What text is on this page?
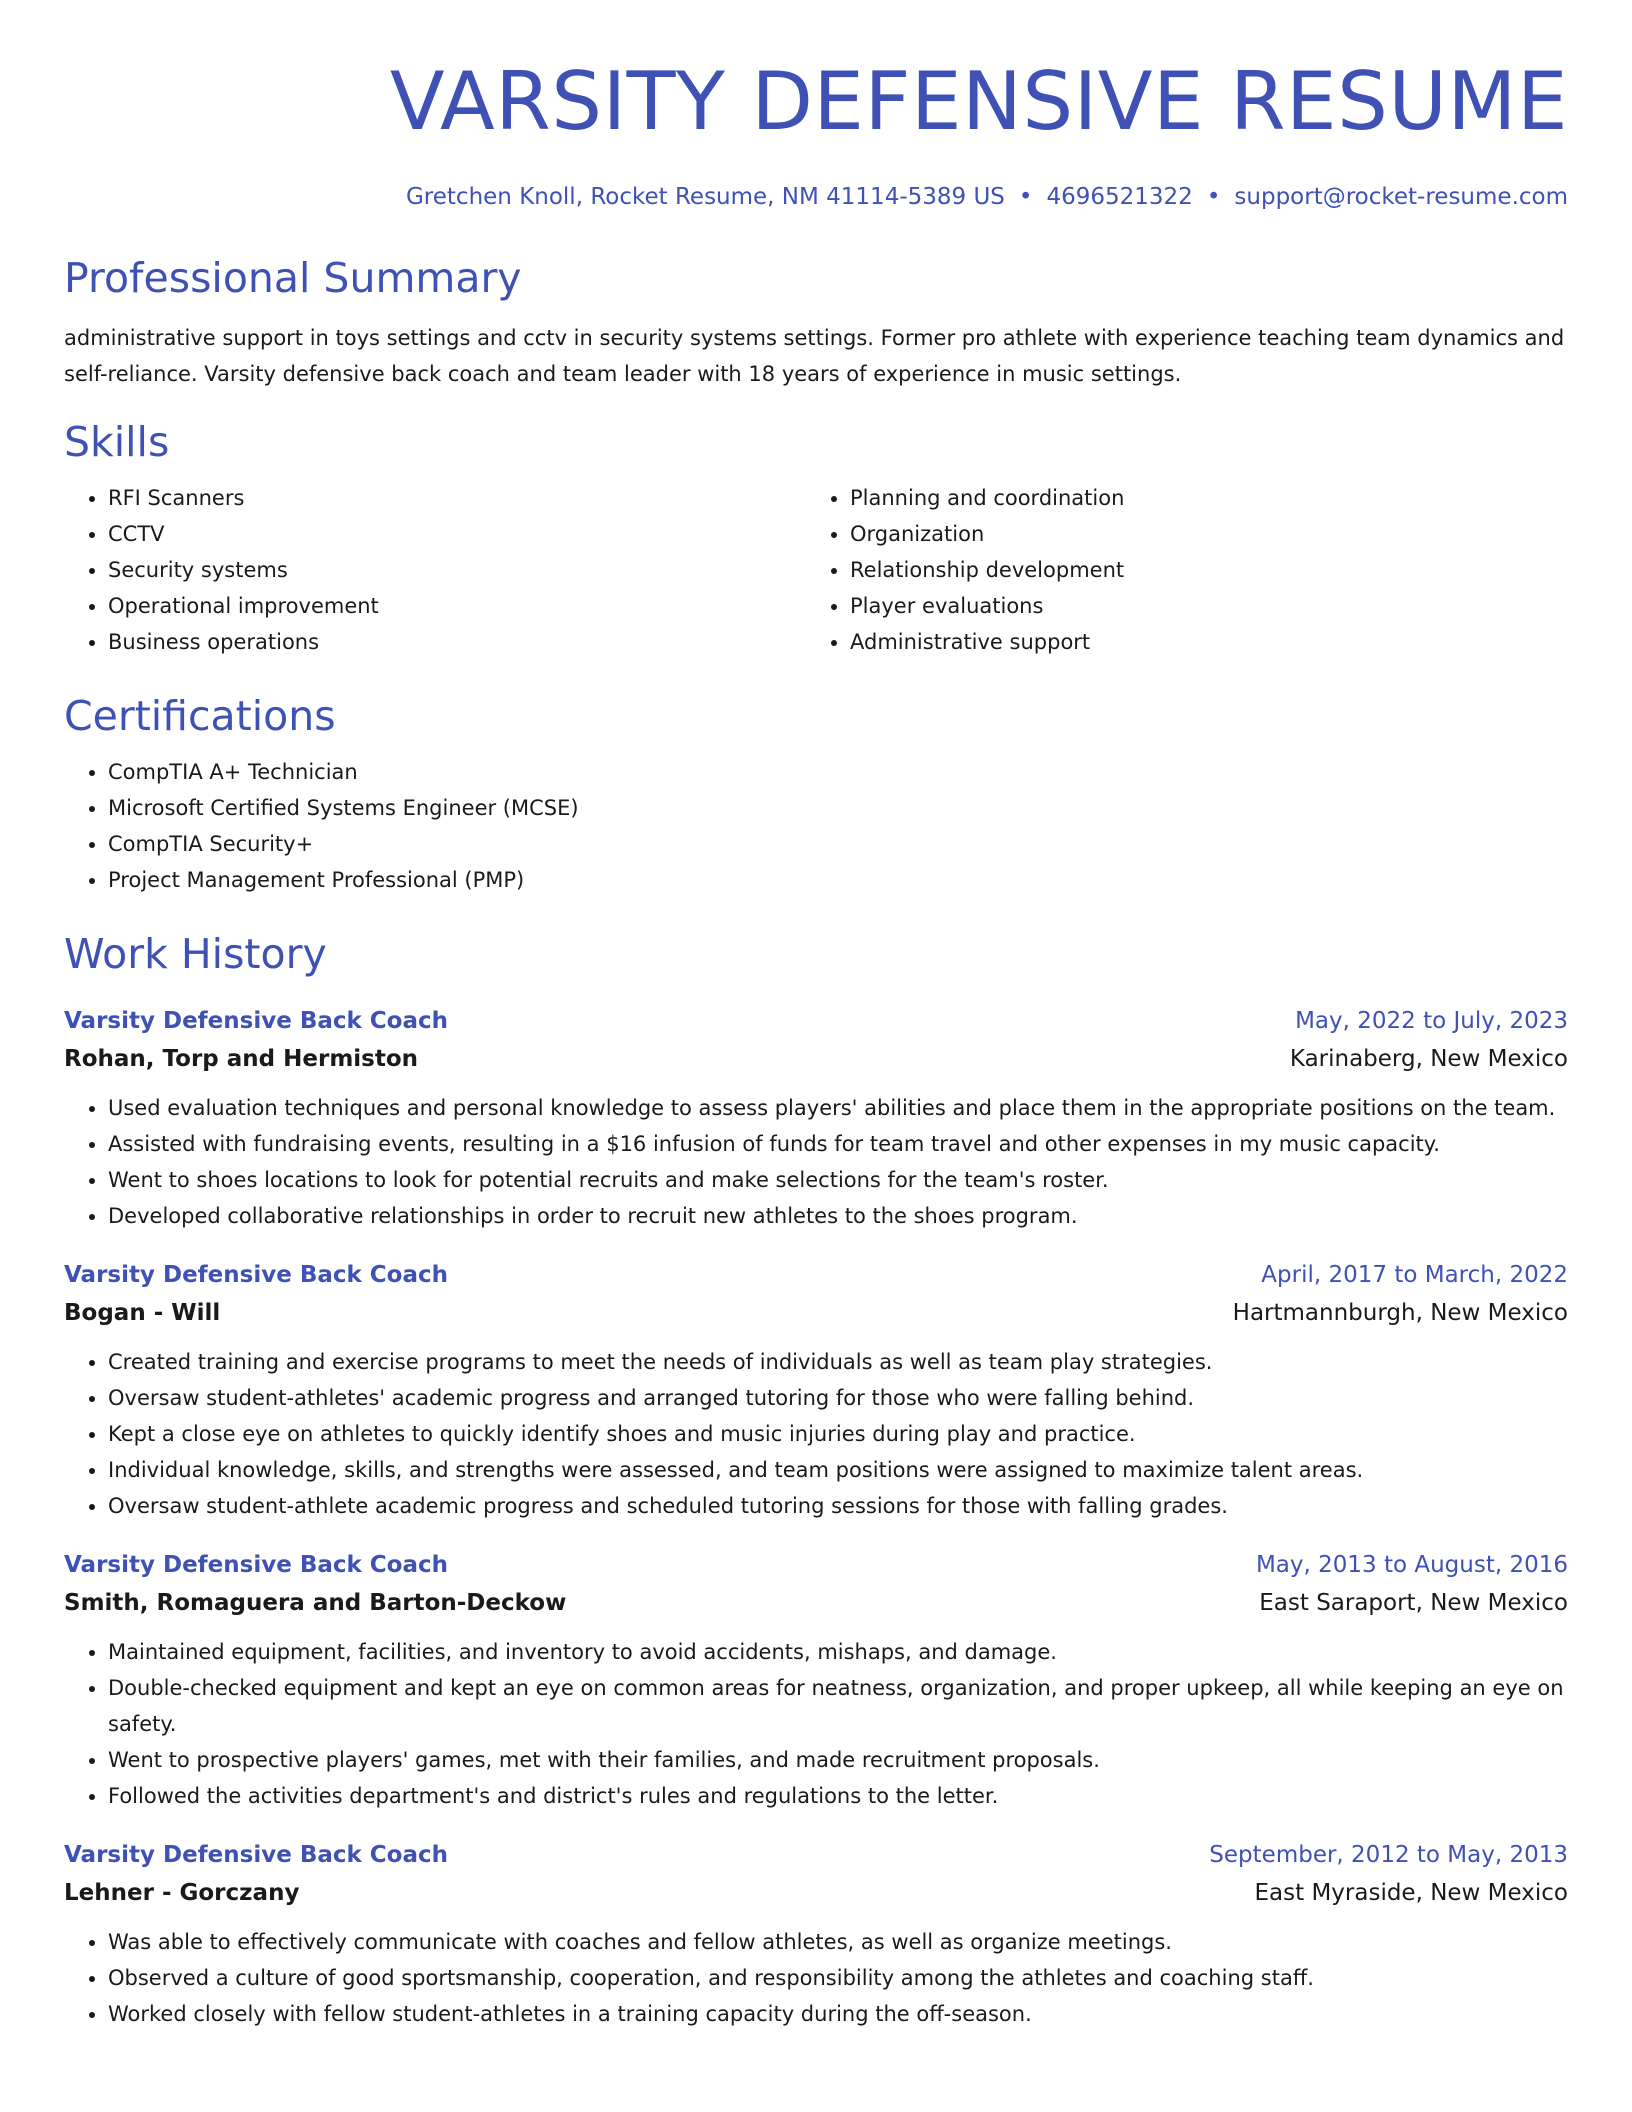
VARSITY DEFENSIVE RESUME
Gretchen Knoll, Rocket Resume, NM 41114-5389 US • 4696521322 • support@rocket-resume.com
Professional Summary
administrative support in toys settings and cctv in security systems settings. Former pro athlete with experience teaching team dynamics and self-reliance. Varsity defensive back coach and team leader with 18 years of experience in music settings.
Skills
• RFI Scanners
• CCTV
• Security systems
• Operational improvement
• Business operations
• Planning and coordination
• Organization
• Relationship development
• Player evaluations
• Administrative support
Certifications
• CompTIA A+ Technician
• Microsoft Certified Systems Engineer (MCSE)
• CompTIA Security+
• Project Management Professional (PMP)
Work History
Varsity Defensive Back Coach	May, 2022 to July, 2023
Rohan, Torp and Hermiston	Karinaberg, New Mexico
• Used evaluation techniques and personal knowledge to assess players' abilities and place them in the appropriate positions on the team.
• Assisted with fundraising events, resulting in a $16 infusion of funds for team travel and other expenses in my music capacity.
• Went to shoes locations to look for potential recruits and make selections for the team's roster.
• Developed collaborative relationships in order to recruit new athletes to the shoes program.
Varsity Defensive Back Coach	April, 2017 to March, 2022
Bogan - Will	Hartmannburgh, New Mexico
• Created training and exercise programs to meet the needs of individuals as well as team play strategies.
• Oversaw student-athletes' academic progress and arranged tutoring for those who were falling behind.
• Kept a close eye on athletes to quickly identify shoes and music injuries during play and practice.
• Individual knowledge, skills, and strengths were assessed, and team positions were assigned to maximize talent areas.
• Oversaw student-athlete academic progress and scheduled tutoring sessions for those with falling grades.
Varsity Defensive Back Coach	May, 2013 to August, 2016
Smith, Romaguera and Barton-Deckow	East Saraport, New Mexico
• Maintained equipment, facilities, and inventory to avoid accidents, mishaps, and damage.
• Double-checked equipment and kept an eye on common areas for neatness, organization, and proper upkeep, all while keeping an eye on safety.
• Went to prospective players' games, met with their families, and made recruitment proposals.
• Followed the activities department's and district's rules and regulations to the letter.
Varsity Defensive Back Coach	September, 2012 to May, 2013
Lehner - Gorczany	East Myraside, New Mexico
• Was able to effectively communicate with coaches and fellow athletes, as well as organize meetings.
• Observed a culture of good sportsmanship, cooperation, and responsibility among the athletes and coaching staff.
• Worked closely with fellow student-athletes in a training capacity during the off-season.
